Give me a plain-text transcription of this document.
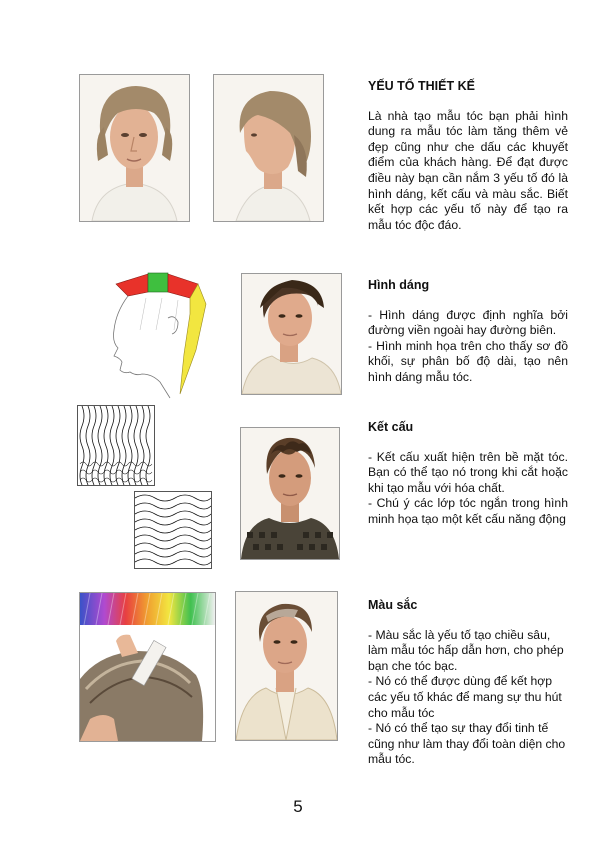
YẾU TỐ THIẾT KẾ

Là nhà tạo mẫu tóc bạn phải hình dung ra mẫu tóc làm tăng thêm vẻ đẹp cũng như che dấu các khuyết điểm của khách hàng. Để đạt được điều này bạn cần nắm 3 yếu tố đó là hình dáng, kết cấu và màu sắc. Biết kết hợp các yếu tố này để tạo ra mẫu tóc độc đáo.

Hình dáng

- Hình dáng được định nghĩa bởi đường viền ngoài hay đường biên.
- Hình minh họa trên cho thấy sơ đồ khối, sự phân bố độ dài, tạo nên hình dáng mẫu tóc.

Kết cấu

- Kết cấu xuất hiện trên bề mặt tóc. Bạn có thể tạo nó trong khi cắt hoặc khi tạo mẫu với hóa chất.
- Chú ý các lớp tóc ngắn trong hình minh họa tạo một kết cấu năng động

Màu sắc

- Màu sắc là yếu tố tạo chiều sâu, làm mẫu tóc hấp dẫn hơn, cho phép bạn che tóc bạc.
- Nó có thể được dùng để kết hợp các yếu tố khác để mang sự thu hút cho mẫu tóc
- Nó có thể tạo sự thay đổi tinh tế cũng như làm thay đổi toàn diện cho mẫu tóc.

5
